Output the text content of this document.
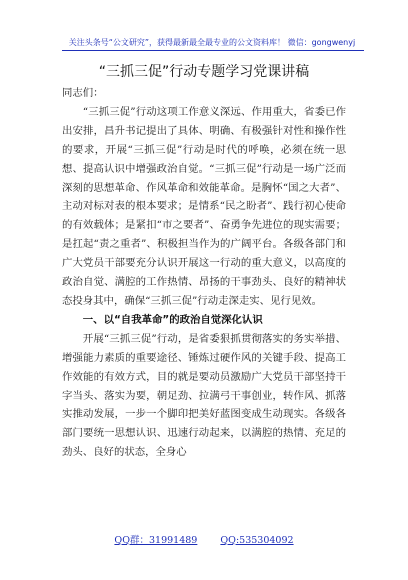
关注头条号“公文研究”，获得最新最全最专业的公文资料库！ 微信：gongwenyj
“三抓三促”行动专题学习党课讲稿

同志们：

“三抓三促”行动这项工作意义深远、作用重大，省委已作出安排，昌升书记提出了具体、明确、有极强针对性和操作性的要求，开展“三抓三促”行动是时代的呼唤，必须在统一思想、提高认识中增强政治自觉。“三抓三促”行动是一场广泛而深刻的思想革命、作风革命和效能革命。是胸怀“国之大者”、主动对标对表的根本要求；是情系“民之盼者”、践行初心使命的有效载体；是紧扣“市之要者”、奋勇争先进位的现实需要；是扛起“责之重者”、积极担当作为的广阔平台。各级各部门和广大党员干部要充分认识开展这一行动的重大意义，以高度的政治自觉、满腔的工作热情、昂扬的干事劲头、良好的精神状态投身其中，确保“三抓三促”行动走深走实、见行见效。

一、以“自我革命”的政治自觉深化认识

开展“三抓三促”行动，是省委狠抓贯彻落实的务实举措、增强能力素质的重要途径、锤炼过硬作风的关键手段、提高工作效能的有效方式，目的就是要动员激励广大党员干部坚持干字当头、落实为要，朝足劲、拉满弓干事创业，转作风、抓落实推动发展，一步一个脚印把美好蓝图变成生动现实。各级各部门要统一思想认识、迅速行动起来，以满腔的热情、充足的劲头、良好的状态，全身心

QQ群：31991489 QQ:535304092
